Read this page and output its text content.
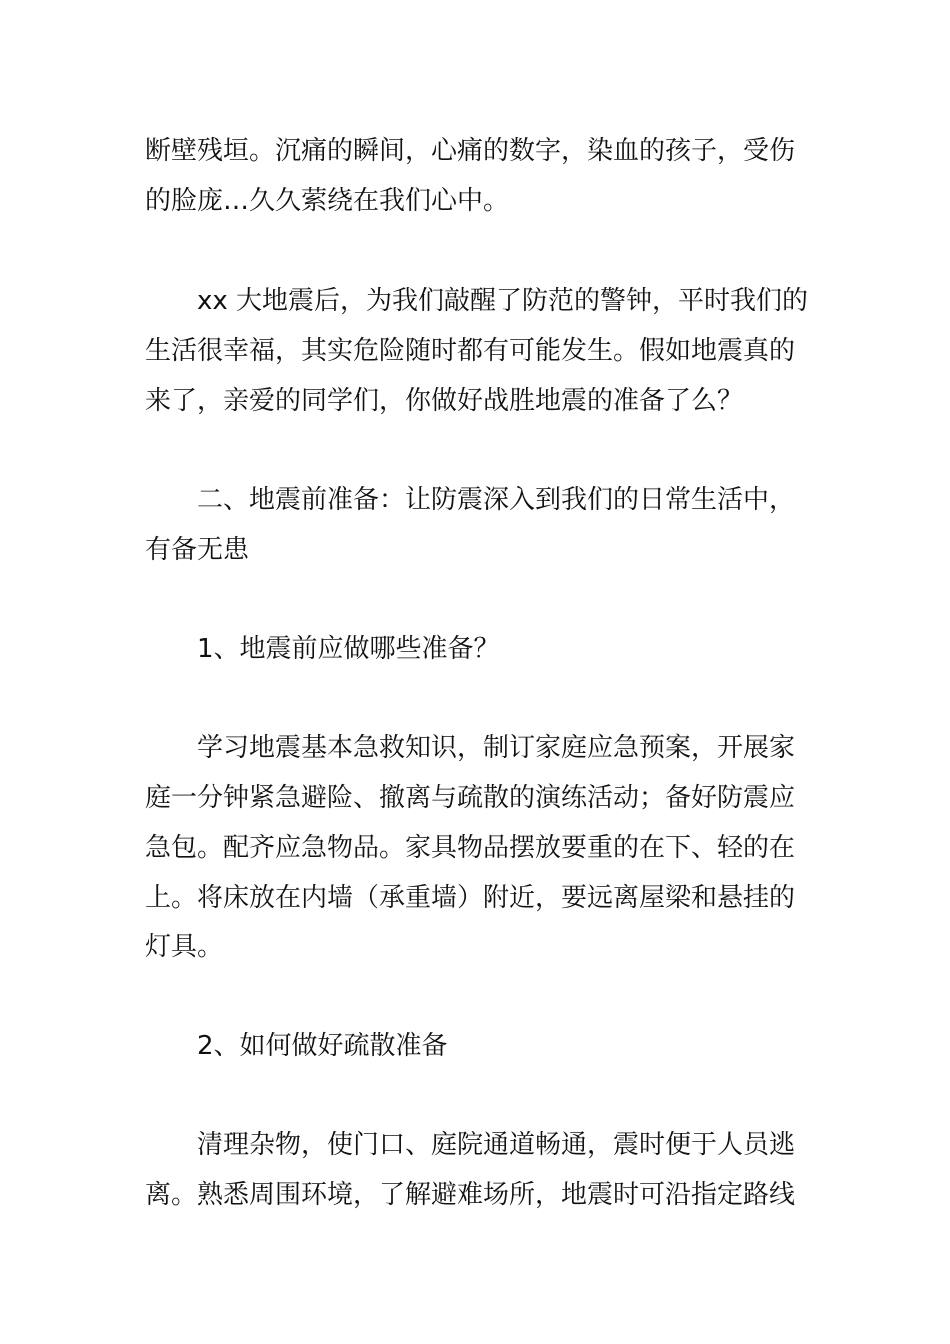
断壁残垣。沉痛的瞬间，心痛的数字，染血的孩子，受伤
的脸庞…久久萦绕在我们心中。
xx 大地震后，为我们敲醒了防范的警钟，平时我们的
生活很幸福，其实危险随时都有可能发生。假如地震真的
来了，亲爱的同学们，你做好战胜地震的准备了么？
二、地震前准备：让防震深入到我们的日常生活中，
有备无患
1、地震前应做哪些准备？
学习地震基本急救知识，制订家庭应急预案，开展家
庭一分钟紧急避险、撤离与疏散的演练活动；备好防震应
急包。配齐应急物品。家具物品摆放要重的在下、轻的在
上。将床放在内墙（承重墙）附近，要远离屋梁和悬挂的
灯具。
2、如何做好疏散准备
清理杂物，使门口、庭院通道畅通，震时便于人员逃
离。熟悉周围环境，了解避难场所，地震时可沿指定路线
